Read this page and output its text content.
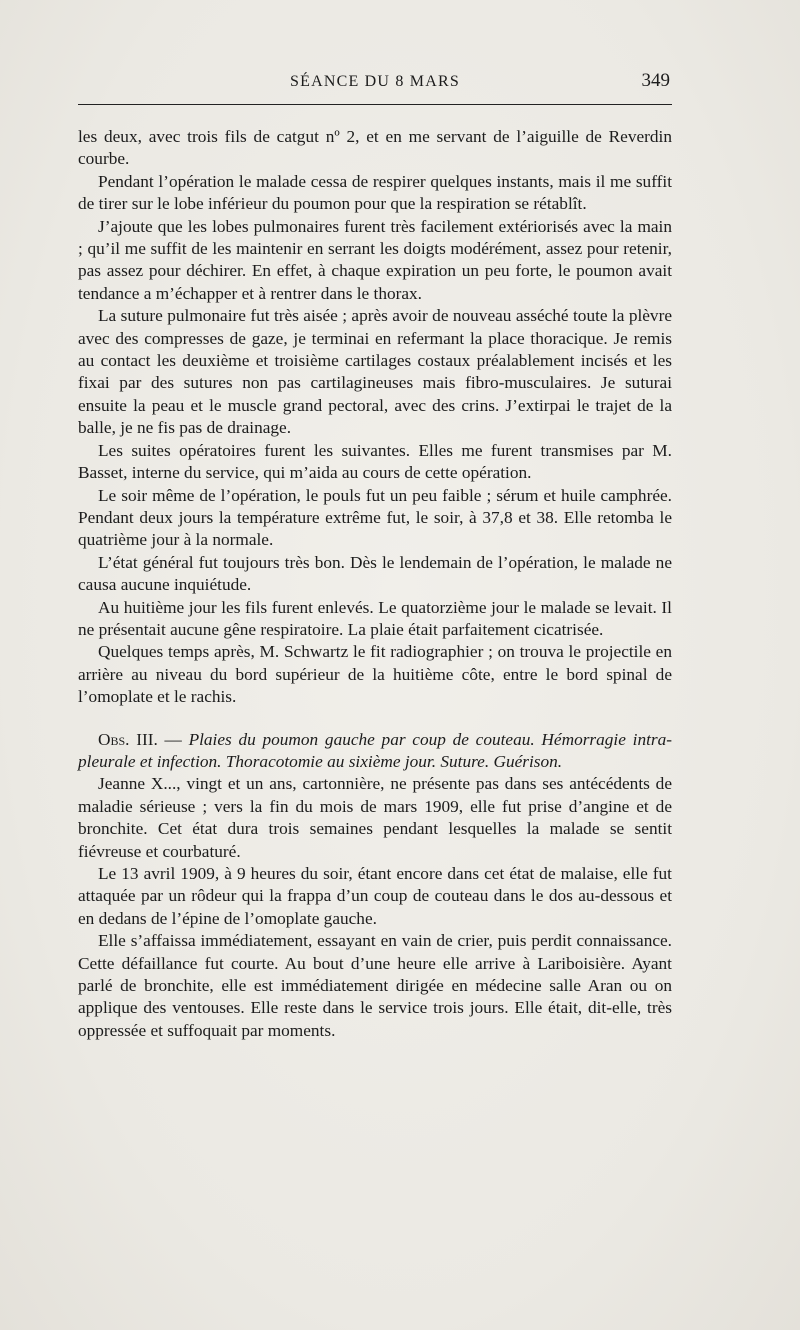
SÉANCE DU 8 MARS	349

les deux, avec trois fils de catgut nº 2, et en me servant de l’aiguille de Reverdin courbe.

Pendant l’opération le malade cessa de respirer quelques instants, mais il me suffit de tirer sur le lobe inférieur du poumon pour que la respiration se rétablît.

J’ajoute que les lobes pulmonaires furent très facilement extériorisés avec la main ; qu’il me suffit de les maintenir en serrant les doigts modérément, assez pour retenir, pas assez pour déchirer. En effet, à chaque expiration un peu forte, le poumon avait tendance a m’échapper et à rentrer dans le thorax.

La suture pulmonaire fut très aisée ; après avoir de nouveau asséché toute la plèvre avec des compresses de gaze, je terminai en refermant la place thoracique. Je remis au contact les deuxième et troisième cartilages costaux préalablement incisés et les fixai par des sutures non pas cartilagineuses mais fibro-musculaires. Je suturai ensuite la peau et le muscle grand pectoral, avec des crins. J’extirpai le trajet de la balle, je ne fis pas de drainage.

Les suites opératoires furent les suivantes. Elles me furent transmises par M. Basset, interne du service, qui m’aida au cours de cette opération.

Le soir même de l’opération, le pouls fut un peu faible ; sérum et huile camphrée. Pendant deux jours la température extrême fut, le soir, à 37,8 et 38. Elle retomba le quatrième jour à la normale.

L’état général fut toujours très bon. Dès le lendemain de l’opération, le malade ne causa aucune inquiétude.

Au huitième jour les fils furent enlevés. Le quatorzième jour le malade se levait. Il ne présentait aucune gêne respiratoire. La plaie était parfaitement cicatrisée.

Quelques temps après, M. Schwartz le fit radiographier ; on trouva le projectile en arrière au niveau du bord supérieur de la huitième côte, entre le bord spinal de l’omoplate et le rachis.

Obs. III. — Plaies du poumon gauche par coup de couteau. Hémorragie intra-pleurale et infection. Thoracotomie au sixième jour. Suture. Guérison.

Jeanne X..., vingt et un ans, cartonnière, ne présente pas dans ses antécédents de maladie sérieuse ; vers la fin du mois de mars 1909, elle fut prise d’angine et de bronchite. Cet état dura trois semaines pendant lesquelles la malade se sentit fiévreuse et courbaturé.

Le 13 avril 1909, à 9 heures du soir, étant encore dans cet état de malaise, elle fut attaquée par un rôdeur qui la frappa d’un coup de couteau dans le dos au-dessous et en dedans de l’épine de l’omoplate gauche.

Elle s’affaissa immédiatement, essayant en vain de crier, puis perdit connaissance. Cette défaillance fut courte. Au bout d’une heure elle arrive à Lariboisière. Ayant parlé de bronchite, elle est immédiatement dirigée en médecine salle Aran ou on applique des ventouses. Elle reste dans le service trois jours. Elle était, dit-elle, très oppressée et suffoquait par moments.
